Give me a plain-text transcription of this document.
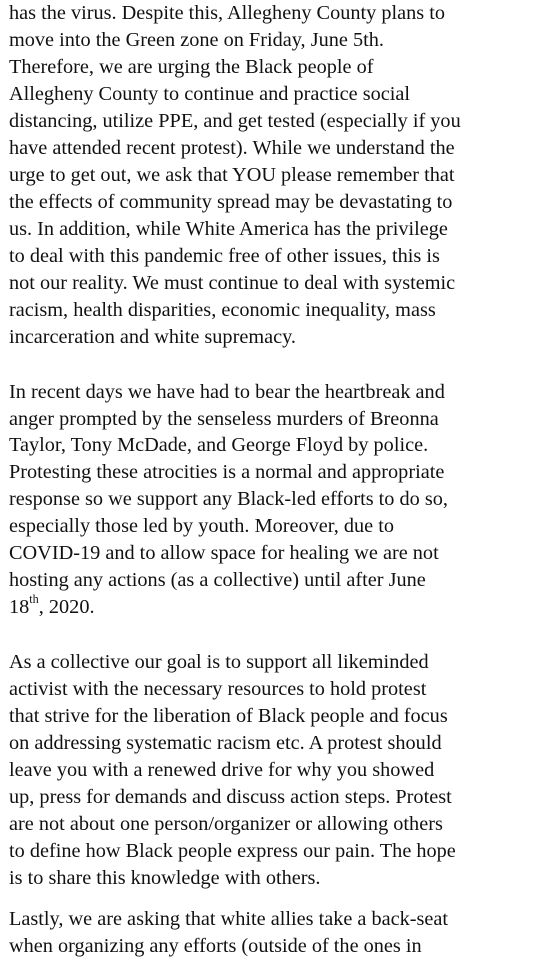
has the virus. Despite this, Allegheny County plans to
move into the Green zone on Friday, June 5th.
Therefore, we are urging the Black people of
Allegheny County to continue and practice social
distancing, utilize PPE, and get tested (especially if you
have attended recent protest). While we understand the
urge to get out, we ask that YOU please remember that
the effects of community spread may be devastating to
us. In addition, while White America has the privilege
to deal with this pandemic free of other issues, this is
not our reality. We must continue to deal with systemic
racism, health disparities, economic inequality, mass
incarceration and white supremacy.
In recent days we have had to bear the heartbreak and
anger prompted by the senseless murders of Breonna
Taylor, Tony McDade, and George Floyd by police.
Protesting these atrocities is a normal and appropriate
response so we support any Black-led efforts to do so,
especially those led by youth. Moreover, due to
COVID-19 and to allow space for healing we are not
hosting any actions (as a collective) until after June
18th, 2020.
As a collective our goal is to support all likeminded
activist with the necessary resources to hold protest
that strive for the liberation of Black people and focus
on addressing systematic racism etc. A protest should
leave you with a renewed drive for why you showed
up, press for demands and discuss action steps. Protest
are not about one person/organizer or allowing others
to define how Black people express our pain. The hope
is to share this knowledge with others.
Lastly, we are asking that white allies take a back-seat
when organizing any efforts (outside of the ones in
